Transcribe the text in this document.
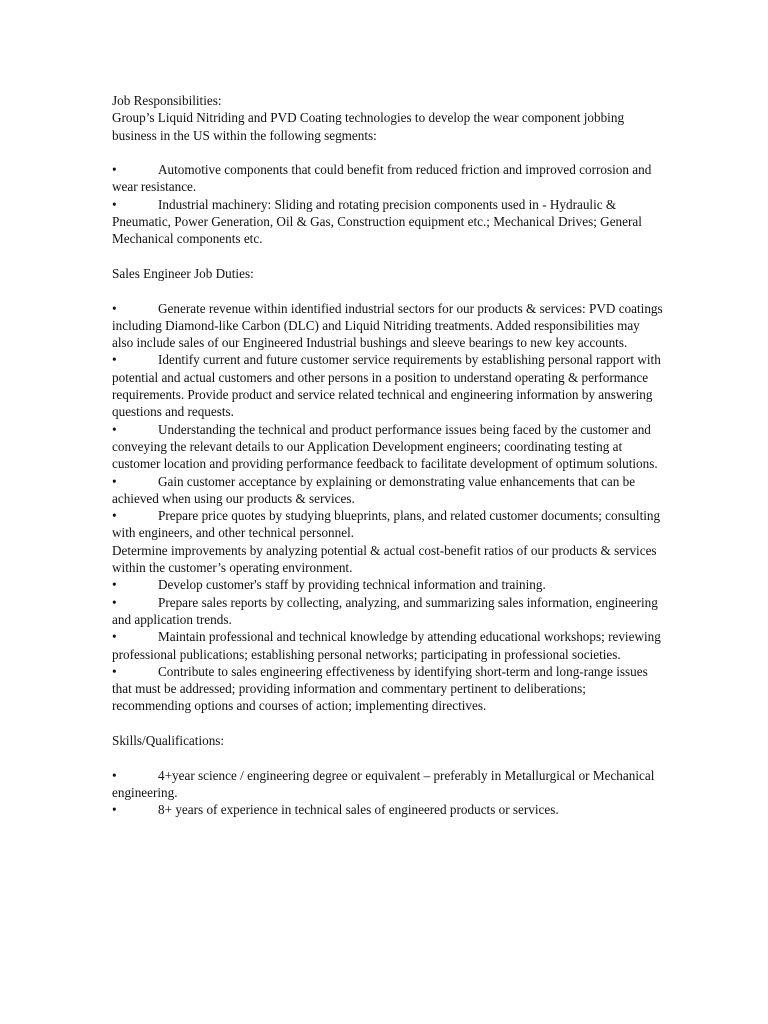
Job Responsibilities:
Group’s Liquid Nitriding and PVD Coating technologies to develop the wear component jobbing business in the US within the following segments:
•	Automotive components that could benefit from reduced friction and improved corrosion and wear resistance.
•	Industrial machinery: Sliding and rotating precision components used in - Hydraulic & Pneumatic, Power Generation, Oil & Gas, Construction equipment etc.; Mechanical Drives; General Mechanical components etc.
Sales Engineer Job Duties:
•	Generate revenue within identified industrial sectors for our products & services: PVD coatings including Diamond-like Carbon (DLC) and Liquid Nitriding treatments. Added responsibilities may also include sales of our Engineered Industrial bushings and sleeve bearings to new key accounts.
•	Identify current and future customer service requirements by establishing personal rapport with potential and actual customers and other persons in a position to understand operating & performance requirements. Provide product and service related technical and engineering information by answering questions and requests.
•	Understanding the technical and product performance issues being faced by the customer and conveying the relevant details to our Application Development engineers; coordinating testing at customer location and providing performance feedback to facilitate development of optimum solutions.
•	Gain customer acceptance by explaining or demonstrating value enhancements that can be achieved when using our products & services.
•	Prepare price quotes by studying blueprints, plans, and related customer documents; consulting with engineers, and other technical personnel.
Determine improvements by analyzing potential & actual cost-benefit ratios of our products & services within the customer’s operating environment.
•	Develop customer's staff by providing technical information and training.
•	Prepare sales reports by collecting, analyzing, and summarizing sales information, engineering and application trends.
•	Maintain professional and technical knowledge by attending educational workshops; reviewing professional publications; establishing personal networks; participating in professional societies.
•	Contribute to sales engineering effectiveness by identifying short-term and long-range issues that must be addressed; providing information and commentary pertinent to deliberations; recommending options and courses of action; implementing directives.
Skills/Qualifications:
•	4+year science / engineering degree or equivalent – preferably in Metallurgical or Mechanical engineering.
•	8+ years of experience in technical sales of engineered products or services.
